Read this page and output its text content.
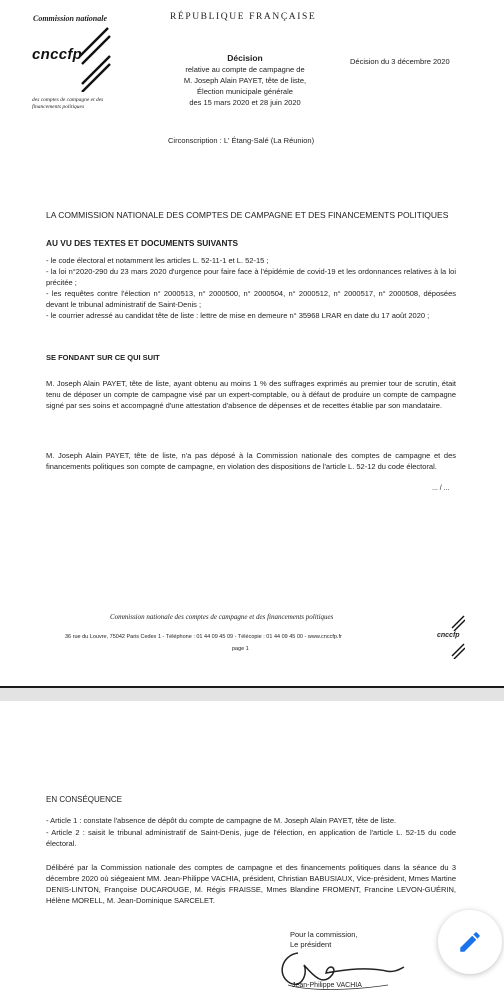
Commission nationale
cnccfp
des comptes de campagne et des financements politiques
RÉPUBLIQUE FRANÇAISE
Décision
relative au compte de campagne de
M. Joseph Alain PAYET, tête de liste,
Élection municipale générale
des 15 mars 2020 et 28 juin 2020
Décision du 3 décembre 2020
Circonscription : L' Étang-Salé (La Réunion)
LA COMMISSION NATIONALE DES COMPTES DE CAMPAGNE ET DES FINANCEMENTS POLITIQUES
AU VU DES TEXTES ET DOCUMENTS SUIVANTS
- le code électoral et notamment les articles L. 52-11-1 et L. 52-15 ;
- la loi n°2020-290 du 23 mars 2020 d'urgence pour faire face à l'épidémie de covid-19 et les ordonnances relatives à la loi précitée ;
- les requêtes contre l'élection n° 2000513, n° 2000500, n° 2000504, n° 2000512, n° 2000517, n° 2000508, déposées devant le tribunal administratif de Saint-Denis ;
- le courrier adressé au candidat tête de liste : lettre de mise en demeure n° 35968 LRAR en date du 17 août 2020 ;
SE FONDANT SUR CE QUI SUIT
M. Joseph Alain PAYET, tête de liste, ayant obtenu au moins 1 % des suffrages exprimés au premier tour de scrutin, était tenu de déposer un compte de campagne visé par un expert-comptable, ou à défaut de produire un compte de campagne signé par ses soins et accompagné d'une attestation d'absence de dépenses et de recettes établie par son mandataire.
M. Joseph Alain PAYET, tête de liste, n'a pas déposé à la Commission nationale des comptes de campagne et des financements politiques son compte de campagne, en violation des dispositions de l'article L. 52-12 du code électoral.
... / ...
Commission nationale des comptes de campagne et des financements politiques
36 rue du Louvre, 75042 Paris Cedex 1 - Téléphone : 01 44 09 45 09 - Télécopie : 01 44 09 45 00 - www.cnccfp.fr
page 1
cnccfp
EN CONSÉQUENCE
- Article 1 : constate l'absence de dépôt du compte de campagne de M. Joseph Alain PAYET, tête de liste.
- Article 2 : saisit le tribunal administratif de Saint-Denis, juge de l'élection, en application de l'article L. 52-15 du code électoral.
Délibéré par la Commission nationale des comptes de campagne et des financements politiques dans la séance du 3 décembre 2020 où siégeaient MM. Jean-Philippe VACHIA, président, Christian BABUSIAUX, Vice-président, Mmes Martine DENIS-LINTON, Françoise DUCAROUGE, M. Régis FRAISSE, Mmes Blandine FROMENT, Francine LEVON-GUÉRIN, Hélène MORELL, M. Jean-Dominique SARCELET.
Pour la commission,
Le président
Jean-Philippe VACHIA
